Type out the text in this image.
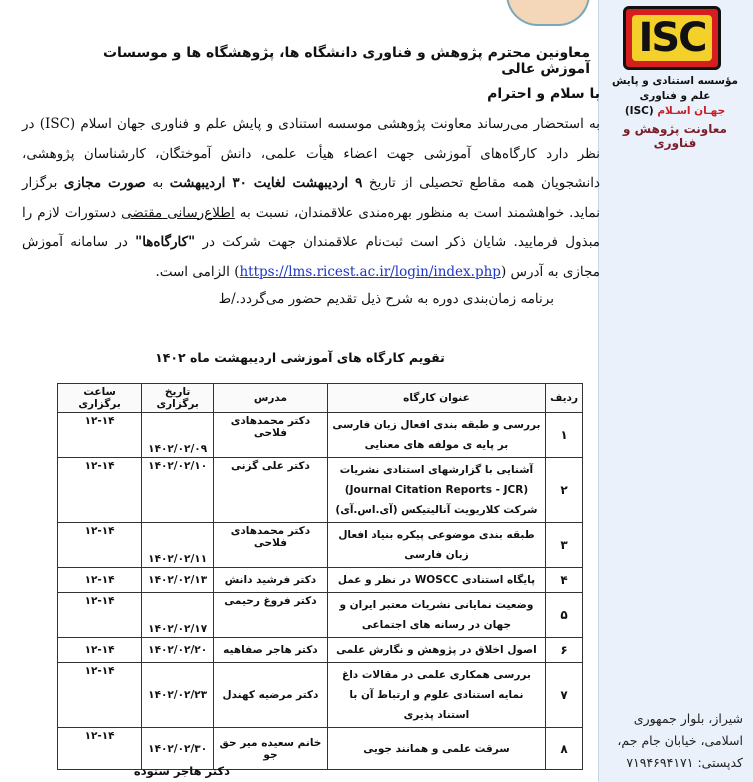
ISC
مؤسسه استنادی و پایش علم و فناوری
جهـان اسـلام (ISC)
معاونت پژوهش و فناوری
شیراز، بلوار جمهوری
اسلامی، خیابان جام جم،
کدپستی: ۷۱۹۴۶۹۴۱۷۱
معاونین محترم پژوهش و فناوری دانشگاه ها، پژوهشگاه ها و موسسات آموزش عالی
با سلام و احترام
به استحضار می‌رساند معاونت پژوهشی موسسه استنادی و پایش علم و فناوری جهان اسلام (ISC) در نظر دارد کارگاه‌های آموزشی جهت اعضاء هیأت علمی، دانش آموختگان، کارشناسان پژوهشی، دانشجویان همه مقاطع تحصیلی از تاریخ ۹ اردیبهشت لغایت ۳۰ اردیبهشت به صورت مجازی برگزار نماید. خواهشمند است به منظور بهره‌مندی علاقمندان، نسبت به اطلاع‌رسانی مقتضی دستورات لازم را مبذول فرمایید. شایان ذکر است ثبت‌نام علاقمندان جهت شرکت در "کارگاه‌ها" در سامانه آموزش مجازی به آدرس (https://lms.ricest.ac.ir/login/index.php) الزامی است.
برنامه زمان‌بندی دوره به شرح ذیل تقدیم حضور می‌گردد./ط
تقویم کارگاه های آموزشی اردیبهشت ماه ۱۴۰۲
ردیف	عنوان کارگاه	مدرس	تاریخ برگزاری	ساعت برگزاری
۱	بررسی و طبقه بندی افعال زبان فارسی بر پایه ی مولفه های معنایی	دکتر محمدهادی فلاحی	۱۴۰۲/۰۲/۰۹	۱۲-۱۴
۲	آشنایی با گزارشهای استنادی نشریات (Journal Citation Reports - JCR) شرکت کلاریویت آنالیتیکس (آی.اس.آی)	دکتر علی گزنی	۱۴۰۲/۰۲/۱۰	۱۲-۱۴
۳	طبقه بندی موضوعی پیکره بنیاد افعال زبان فارسی	دکتر محمدهادی فلاحی	۱۴۰۲/۰۲/۱۱	۱۲-۱۴
۴	پایگاه استنادی WOSCC در نظر و عمل	دکتر فرشید دانش	۱۴۰۲/۰۲/۱۳	۱۲-۱۴
۵	وضعیت نمایانی نشریات معتبر ایران و جهان در رسانه های اجتماعی	دکتر فروغ رحیمی	۱۴۰۲/۰۲/۱۷	۱۲-۱۴
۶	اصول اخلاق در پژوهش و نگارش علمی	دکتر هاجر صفاهیه	۱۴۰۲/۰۲/۲۰	۱۲-۱۴
۷	بررسی همکاری علمی در مقالات داغ نمایه استنادی علوم و ارتباط آن با استناد پذیری	دکتر مرضیه کهندل	۱۴۰۲/۰۲/۲۳	۱۲-۱۴
۸	سرقت علمی و همانند جویی	خانم سعیده میر حق جو	۱۴۰۲/۰۲/۳۰	۱۲-۱۴
دکتر هاجر ستوده
